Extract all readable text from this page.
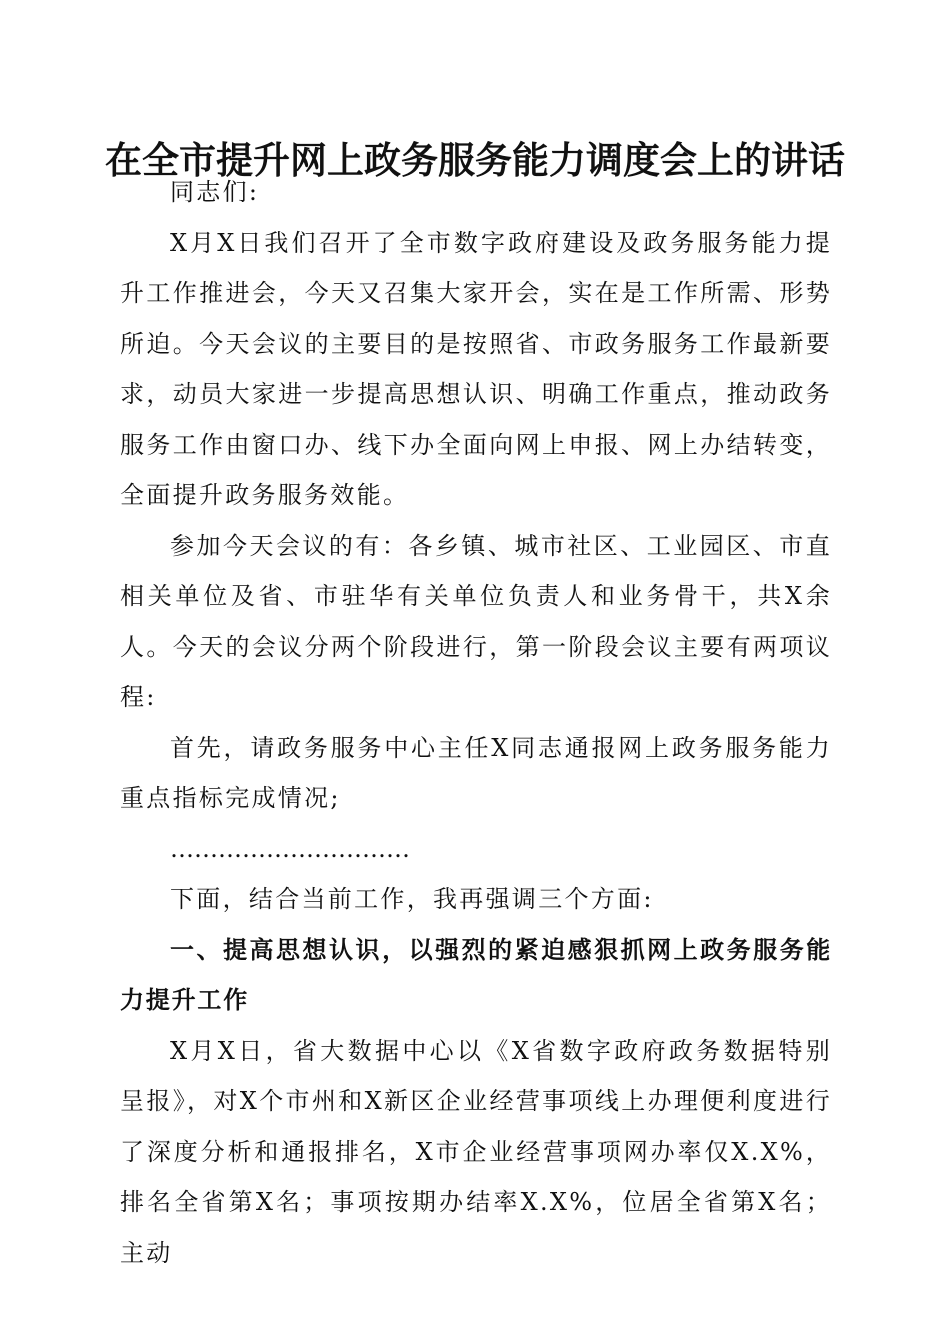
在全市提升网上政务服务能力调度会上的讲话

同志们:

X月X日我们召开了全市数字政府建设及政务服务能力提升工作推进会，今天又召集大家开会，实在是工作所需、形势所迫。今天会议的主要目的是按照省、市政务服务工作最新要求，动员大家进一步提高思想认识、明确工作重点，推动政务服务工作由窗口办、线下办全面向网上申报、网上办结转变，全面提升政务服务效能。

参加今天会议的有：各乡镇、城市社区、工业园区、市直相关单位及省、市驻华有关单位负责人和业务骨干，共X余人。今天的会议分两个阶段进行，第一阶段会议主要有两项议程:

首先，请政务服务中心主任X同志通报网上政务服务能力重点指标完成情况;

…………………………

下面，结合当前工作，我再强调三个方面:

一、提高思想认识，以强烈的紧迫感狠抓网上政务服务能力提升工作

X月X日，省大数据中心以《X省数字政府政务数据特别呈报》，对X个市州和X新区企业经营事项线上办理便利度进行了深度分析和通报排名，X市企业经营事项网办率仅X.X%，排名全省第X名；事项按期办结率X.X%，位居全省第X名；主动
